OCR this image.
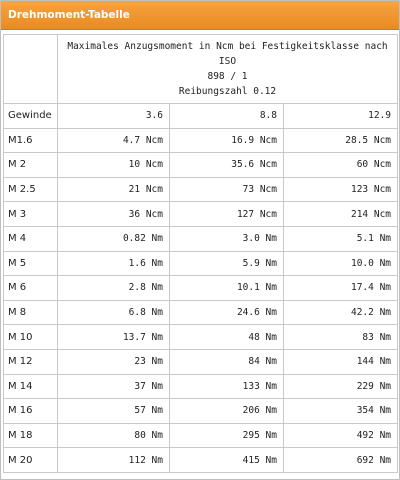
Drehmoment-Tabelle

	Maximales Anzugsmoment in Ncm bei Festigkeitsklasse nach ISO
898 / 1
Reibungszahl 0.12		

Gewinde	3.6	8.8	12.9
M1.6	4.7 Ncm	16.9 Ncm	28.5 Ncm
M 2	10 Ncm	35.6 Ncm	60 Ncm
M 2.5	21 Ncm	73 Ncm	123 Ncm
M 3	36 Ncm	127 Ncm	214 Ncm
M 4	0.82 Nm	3.0 Nm	5.1 Nm
M 5	1.6 Nm	5.9 Nm	10.0 Nm
M 6	2.8 Nm	10.1 Nm	17.4 Nm
M 8	6.8 Nm	24.6 Nm	42.2 Nm
M 10	13.7 Nm	48 Nm	83 Nm
M 12	23 Nm	84 Nm	144 Nm
M 14	37 Nm	133 Nm	229 Nm
M 16	57 Nm	206 Nm	354 Nm
M 18	80 Nm	295 Nm	492 Nm
M 20	112 Nm	415 Nm	692 Nm
